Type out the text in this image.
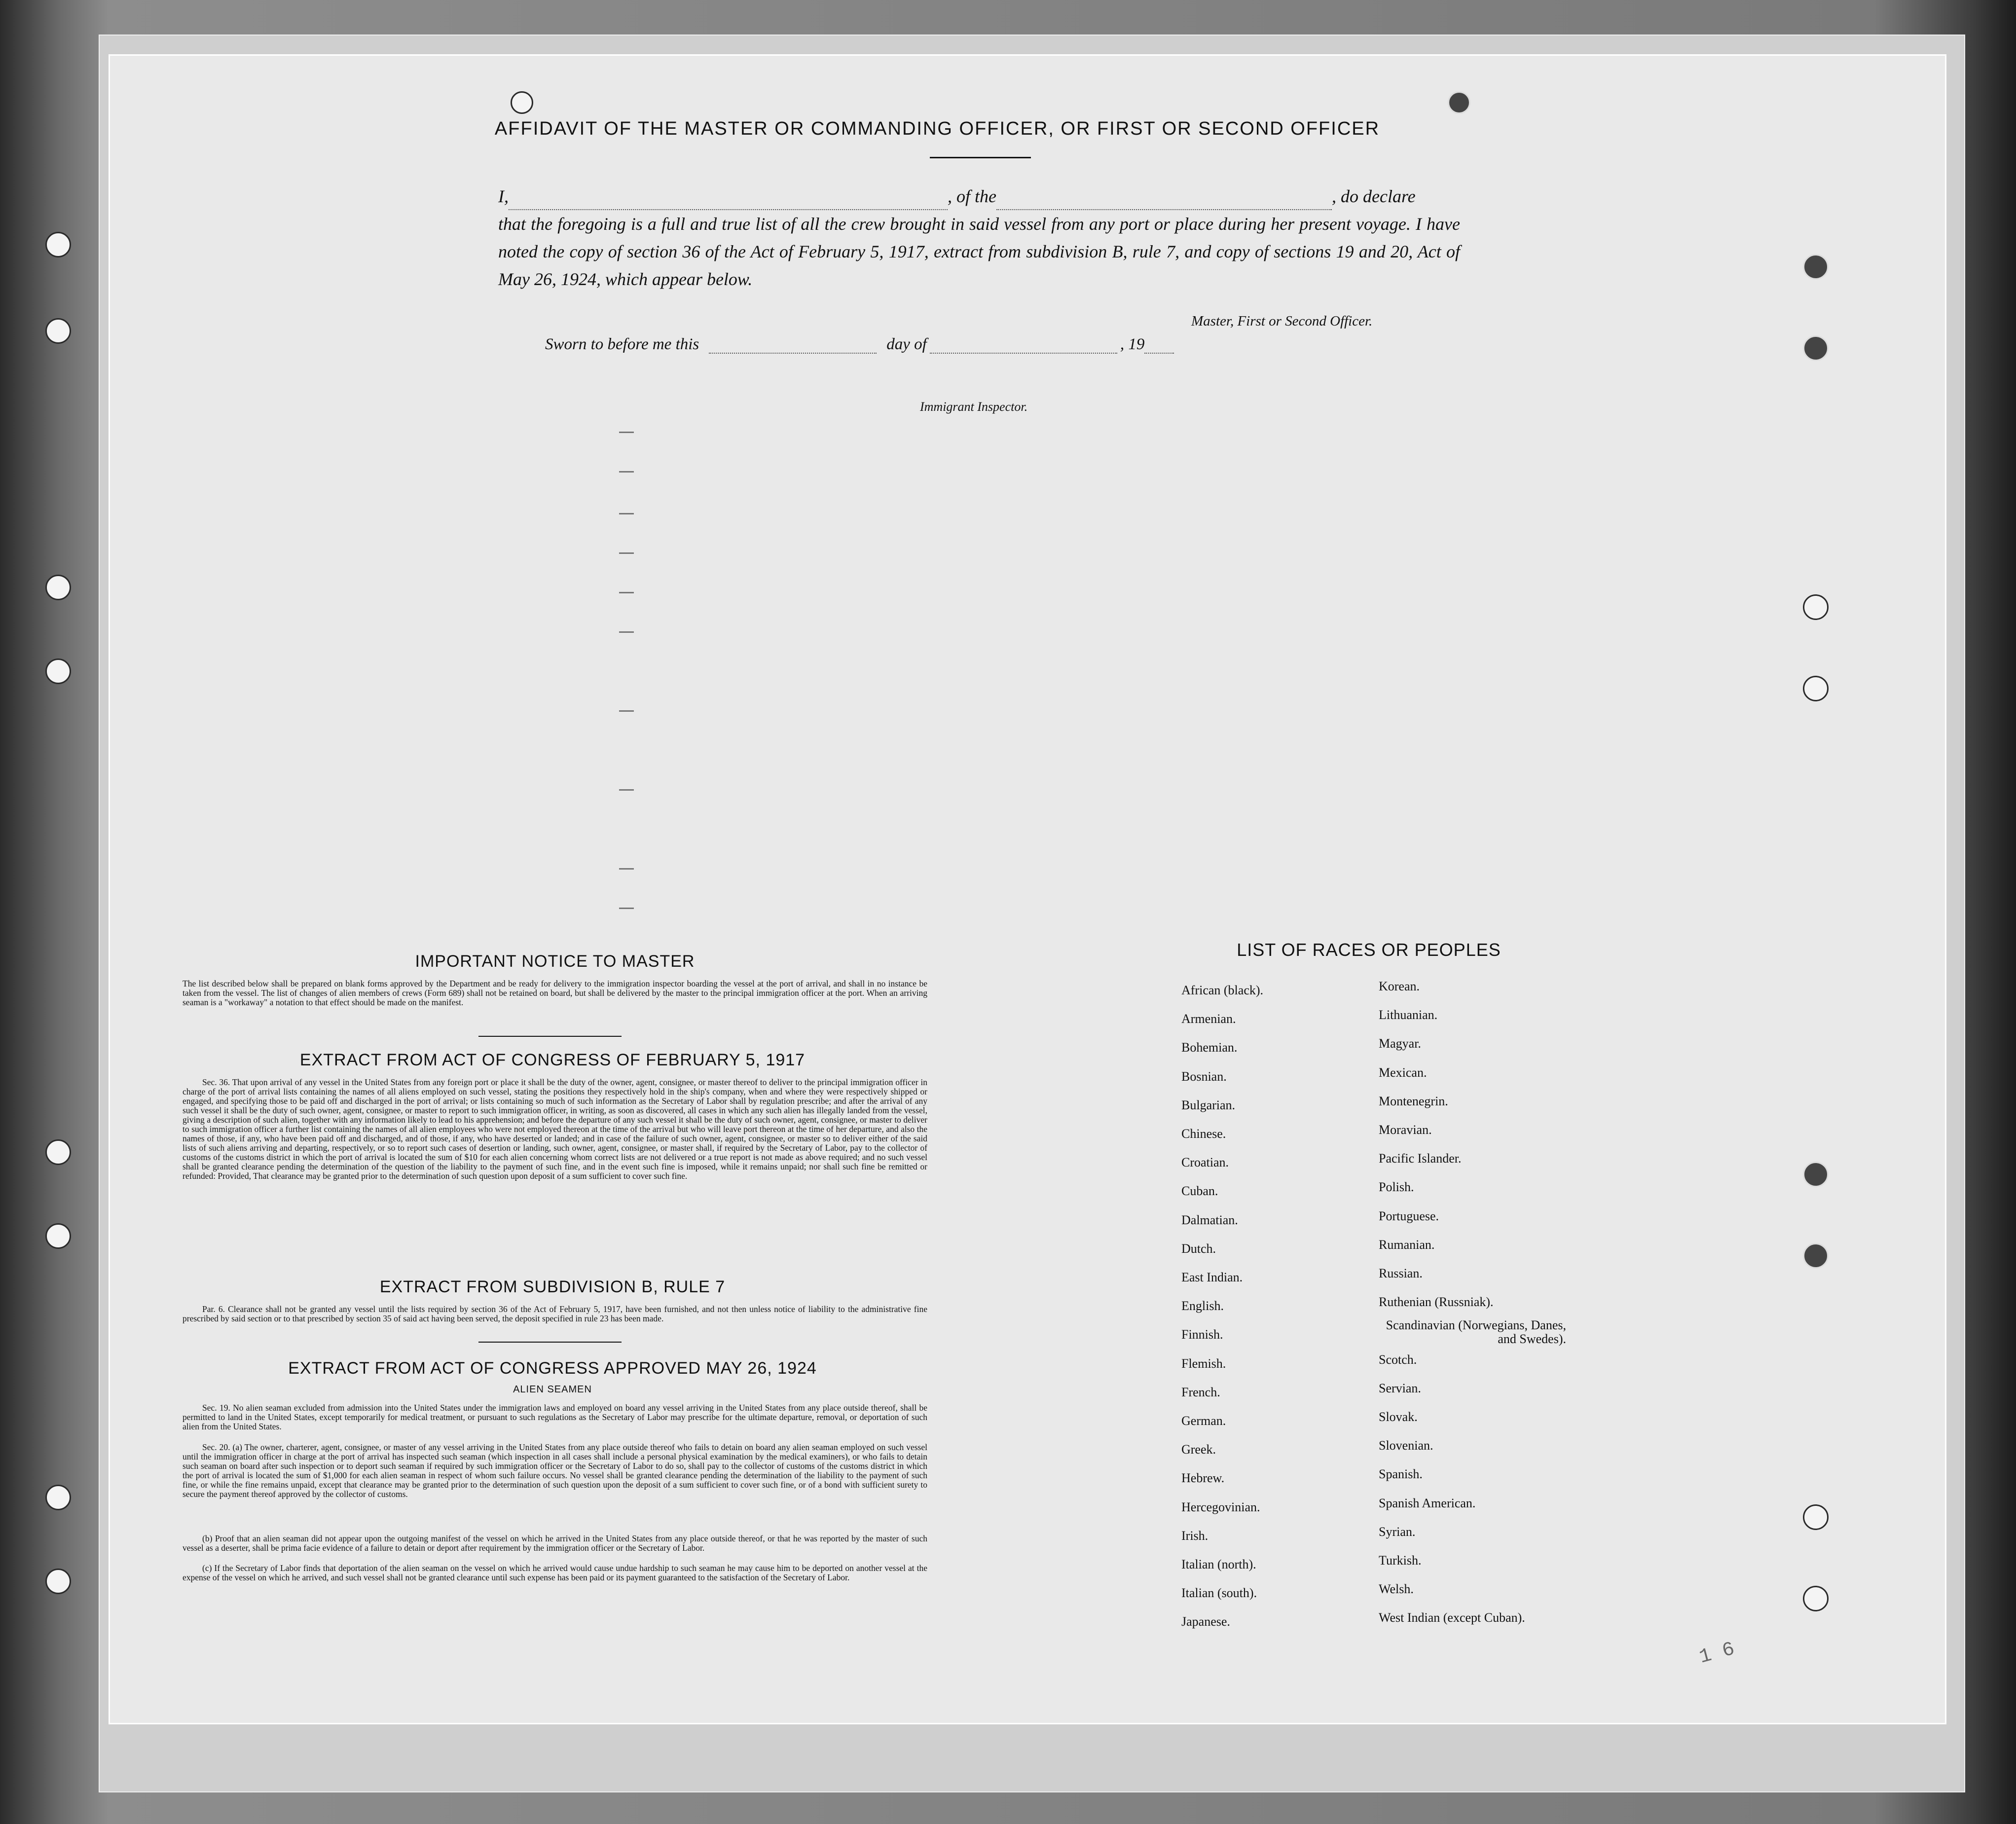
AFFIDAVIT OF THE MASTER OR COMMANDING OFFICER, OR FIRST OR SECOND OFFICER
I,	, of the	, do declare
that the foregoing is a full and true list of all the crew brought in said vessel from any port or place during her present voyage. I have noted the copy of section 36 of the Act of February 5, 1917, extract from subdivision B, rule 7, and copy of sections 19 and 20, Act of May 26, 1924, which appear below.
Master, First or Second Officer.
Sworn to before me this	day of	, 19
Immigrant Inspector.
IMPORTANT NOTICE TO MASTER
The list described below shall be prepared on blank forms approved by the Department and be ready for delivery to the immigration inspector boarding the vessel at the port of arrival, and shall in no instance be taken from the vessel. The list of changes of alien members of crews (Form 689) shall not be retained on board, but shall be delivered by the master to the principal immigration officer at the port. When an arriving seaman is a "workaway" a notation to that effect should be made on the manifest.
EXTRACT FROM ACT OF CONGRESS OF FEBRUARY 5, 1917
Sec. 36. That upon arrival of any vessel in the United States from any foreign port or place it shall be the duty of the owner, agent, consignee, or master thereof to deliver to the principal immigration officer in charge of the port of arrival lists containing the names of all aliens employed on such vessel, stating the positions they respectively hold in the ship's company, when and where they were respectively shipped or engaged, and specifying those to be paid off and discharged in the port of arrival; or lists containing so much of such information as the Secretary of Labor shall by regulation prescribe; and after the arrival of any such vessel it shall be the duty of such owner, agent, consignee, or master to report to such immigration officer, in writing, as soon as discovered, all cases in which any such alien has illegally landed from the vessel, giving a description of such alien, together with any information likely to lead to his apprehension; and before the departure of any such vessel it shall be the duty of such owner, agent, consignee, or master to deliver to such immigration officer a further list containing the names of all alien employees who were not employed thereon at the time of the arrival but who will leave port thereon at the time of her departure, and also the names of those, if any, who have been paid off and discharged, and of those, if any, who have deserted or landed; and in case of the failure of such owner, agent, consignee, or master so to deliver either of the said lists of such aliens arriving and departing, respectively, or so to report such cases of desertion or landing, such owner, agent, consignee, or master shall, if required by the Secretary of Labor, pay to the collector of customs of the customs district in which the port of arrival is located the sum of $10 for each alien concerning whom correct lists are not delivered or a true report is not made as above required; and no such vessel shall be granted clearance pending the determination of the question of the liability to the payment of such fine, and in the event such fine is imposed, while it remains unpaid; nor shall such fine be remitted or refunded: Provided, That clearance may be granted prior to the determination of such question upon deposit of a sum sufficient to cover such fine.
EXTRACT FROM SUBDIVISION B, RULE 7
Par. 6. Clearance shall not be granted any vessel until the lists required by section 36 of the Act of February 5, 1917, have been furnished, and not then unless notice of liability to the administrative fine prescribed by said section or to that prescribed by section 35 of said act having been served, the deposit specified in rule 23 has been made.
EXTRACT FROM ACT OF CONGRESS APPROVED MAY 26, 1924
ALIEN SEAMEN
Sec. 19. No alien seaman excluded from admission into the United States under the immigration laws and employed on board any vessel arriving in the United States from any place outside thereof, shall be permitted to land in the United States, except temporarily for medical treatment, or pursuant to such regulations as the Secretary of Labor may prescribe for the ultimate departure, removal, or deportation of such alien from the United States.
Sec. 20. (a) The owner, charterer, agent, consignee, or master of any vessel arriving in the United States from any place outside thereof who fails to detain on board any alien seaman employed on such vessel until the immigration officer in charge at the port of arrival has inspected such seaman (which inspection in all cases shall include a personal physical examination by the medical examiners), or who fails to detain such seaman on board after such inspection or to deport such seaman if required by such immigration officer or the Secretary of Labor to do so, shall pay to the collector of customs of the customs district in which the port of arrival is located the sum of $1,000 for each alien seaman in respect of whom such failure occurs. No vessel shall be granted clearance pending the determination of the liability to the payment of such fine, or while the fine remains unpaid, except that clearance may be granted prior to the determination of such question upon the deposit of a sum sufficient to cover such fine, or of a bond with sufficient surety to secure the payment thereof approved by the collector of customs.
(b) Proof that an alien seaman did not appear upon the outgoing manifest of the vessel on which he arrived in the United States from any place outside thereof, or that he was reported by the master of such vessel as a deserter, shall be prima facie evidence of a failure to detain or deport after requirement by the immigration officer or the Secretary of Labor.
(c) If the Secretary of Labor finds that deportation of the alien seaman on the vessel on which he arrived would cause undue hardship to such seaman he may cause him to be deported on another vessel at the expense of the vessel on which he arrived, and such vessel shall not be granted clearance until such expense has been paid or its payment guaranteed to the satisfaction of the Secretary of Labor.
LIST OF RACES OR PEOPLES
African (black).
Armenian.
Bohemian.
Bosnian.
Bulgarian.
Chinese.
Croatian.
Cuban.
Dalmatian.
Dutch.
East Indian.
English.
Finnish.
Flemish.
French.
German.
Greek.
Hebrew.
Hercegovinian.
Irish.
Italian (north).
Italian (south).
Japanese.
Korean.
Lithuanian.
Magyar.
Mexican.
Montenegrin.
Moravian.
Pacific Islander.
Polish.
Portuguese.
Rumanian.
Russian.
Ruthenian (Russniak).
Scandinavian (Norwegians, Danes, and Swedes).
Scotch.
Servian.
Slovak.
Slovenian.
Spanish.
Spanish American.
Syrian.
Turkish.
Welsh.
West Indian (except Cuban).
1 6
